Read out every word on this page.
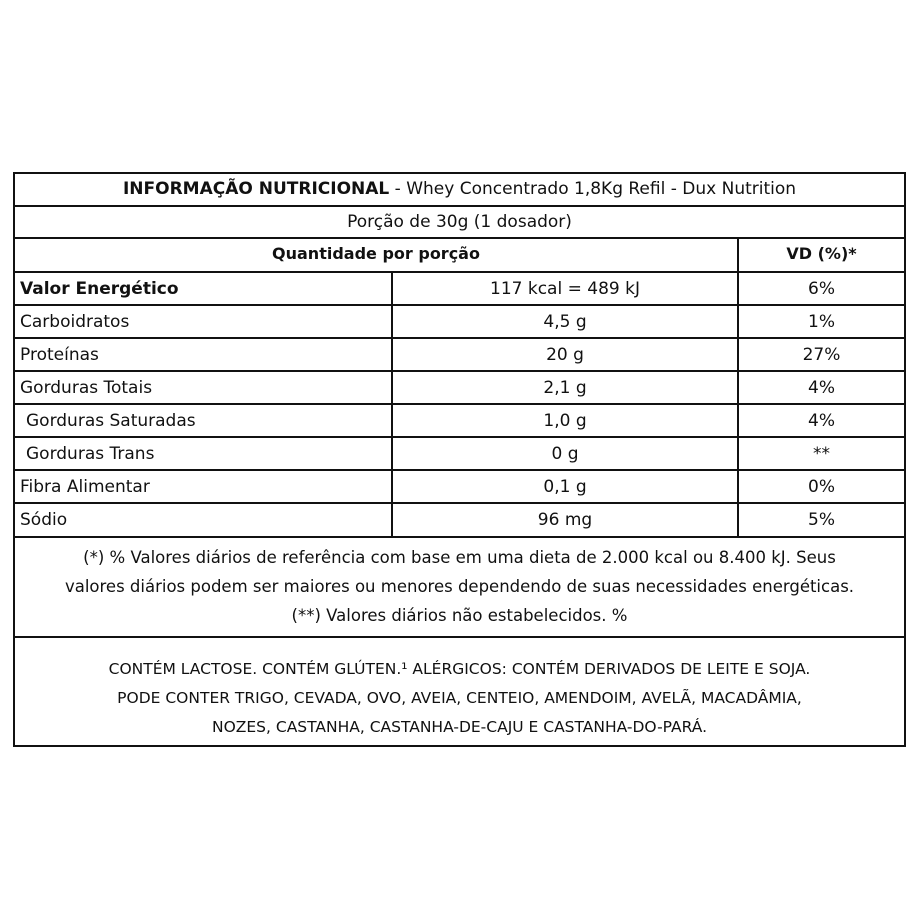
INFORMAÇÃO NUTRICIONAL - Whey Concentrado 1,8Kg Refil - Dux Nutrition
Porção de 30g (1 dosador)
Quantidade por porção	VD (%)*
Valor Energético	117 kcal = 489 kJ	6%
Carboidratos	4,5 g	1%
Proteínas	20 g	27%
Gorduras Totais	2,1 g	4%
Gorduras Saturadas	1,0 g	4%
Gorduras Trans	0 g	**
Fibra Alimentar	0,1 g	0%
Sódio	96 mg	5%
(*) % Valores diários de referência com base em uma dieta de 2.000 kcal ou 8.400 kJ. Seus
valores diários podem ser maiores ou menores dependendo de suas necessidades energéticas.
(**) Valores diários não estabelecidos. %
CONTÉM LACTOSE. CONTÉM GLÚTEN.¹ ALÉRGICOS: CONTÉM DERIVADOS DE LEITE E SOJA.
PODE CONTER TRIGO, CEVADA, OVO, AVEIA, CENTEIO, AMENDOIM, AVELÃ, MACADÂMIA,
NOZES, CASTANHA, CASTANHA-DE-CAJU E CASTANHA-DO-PARÁ.
